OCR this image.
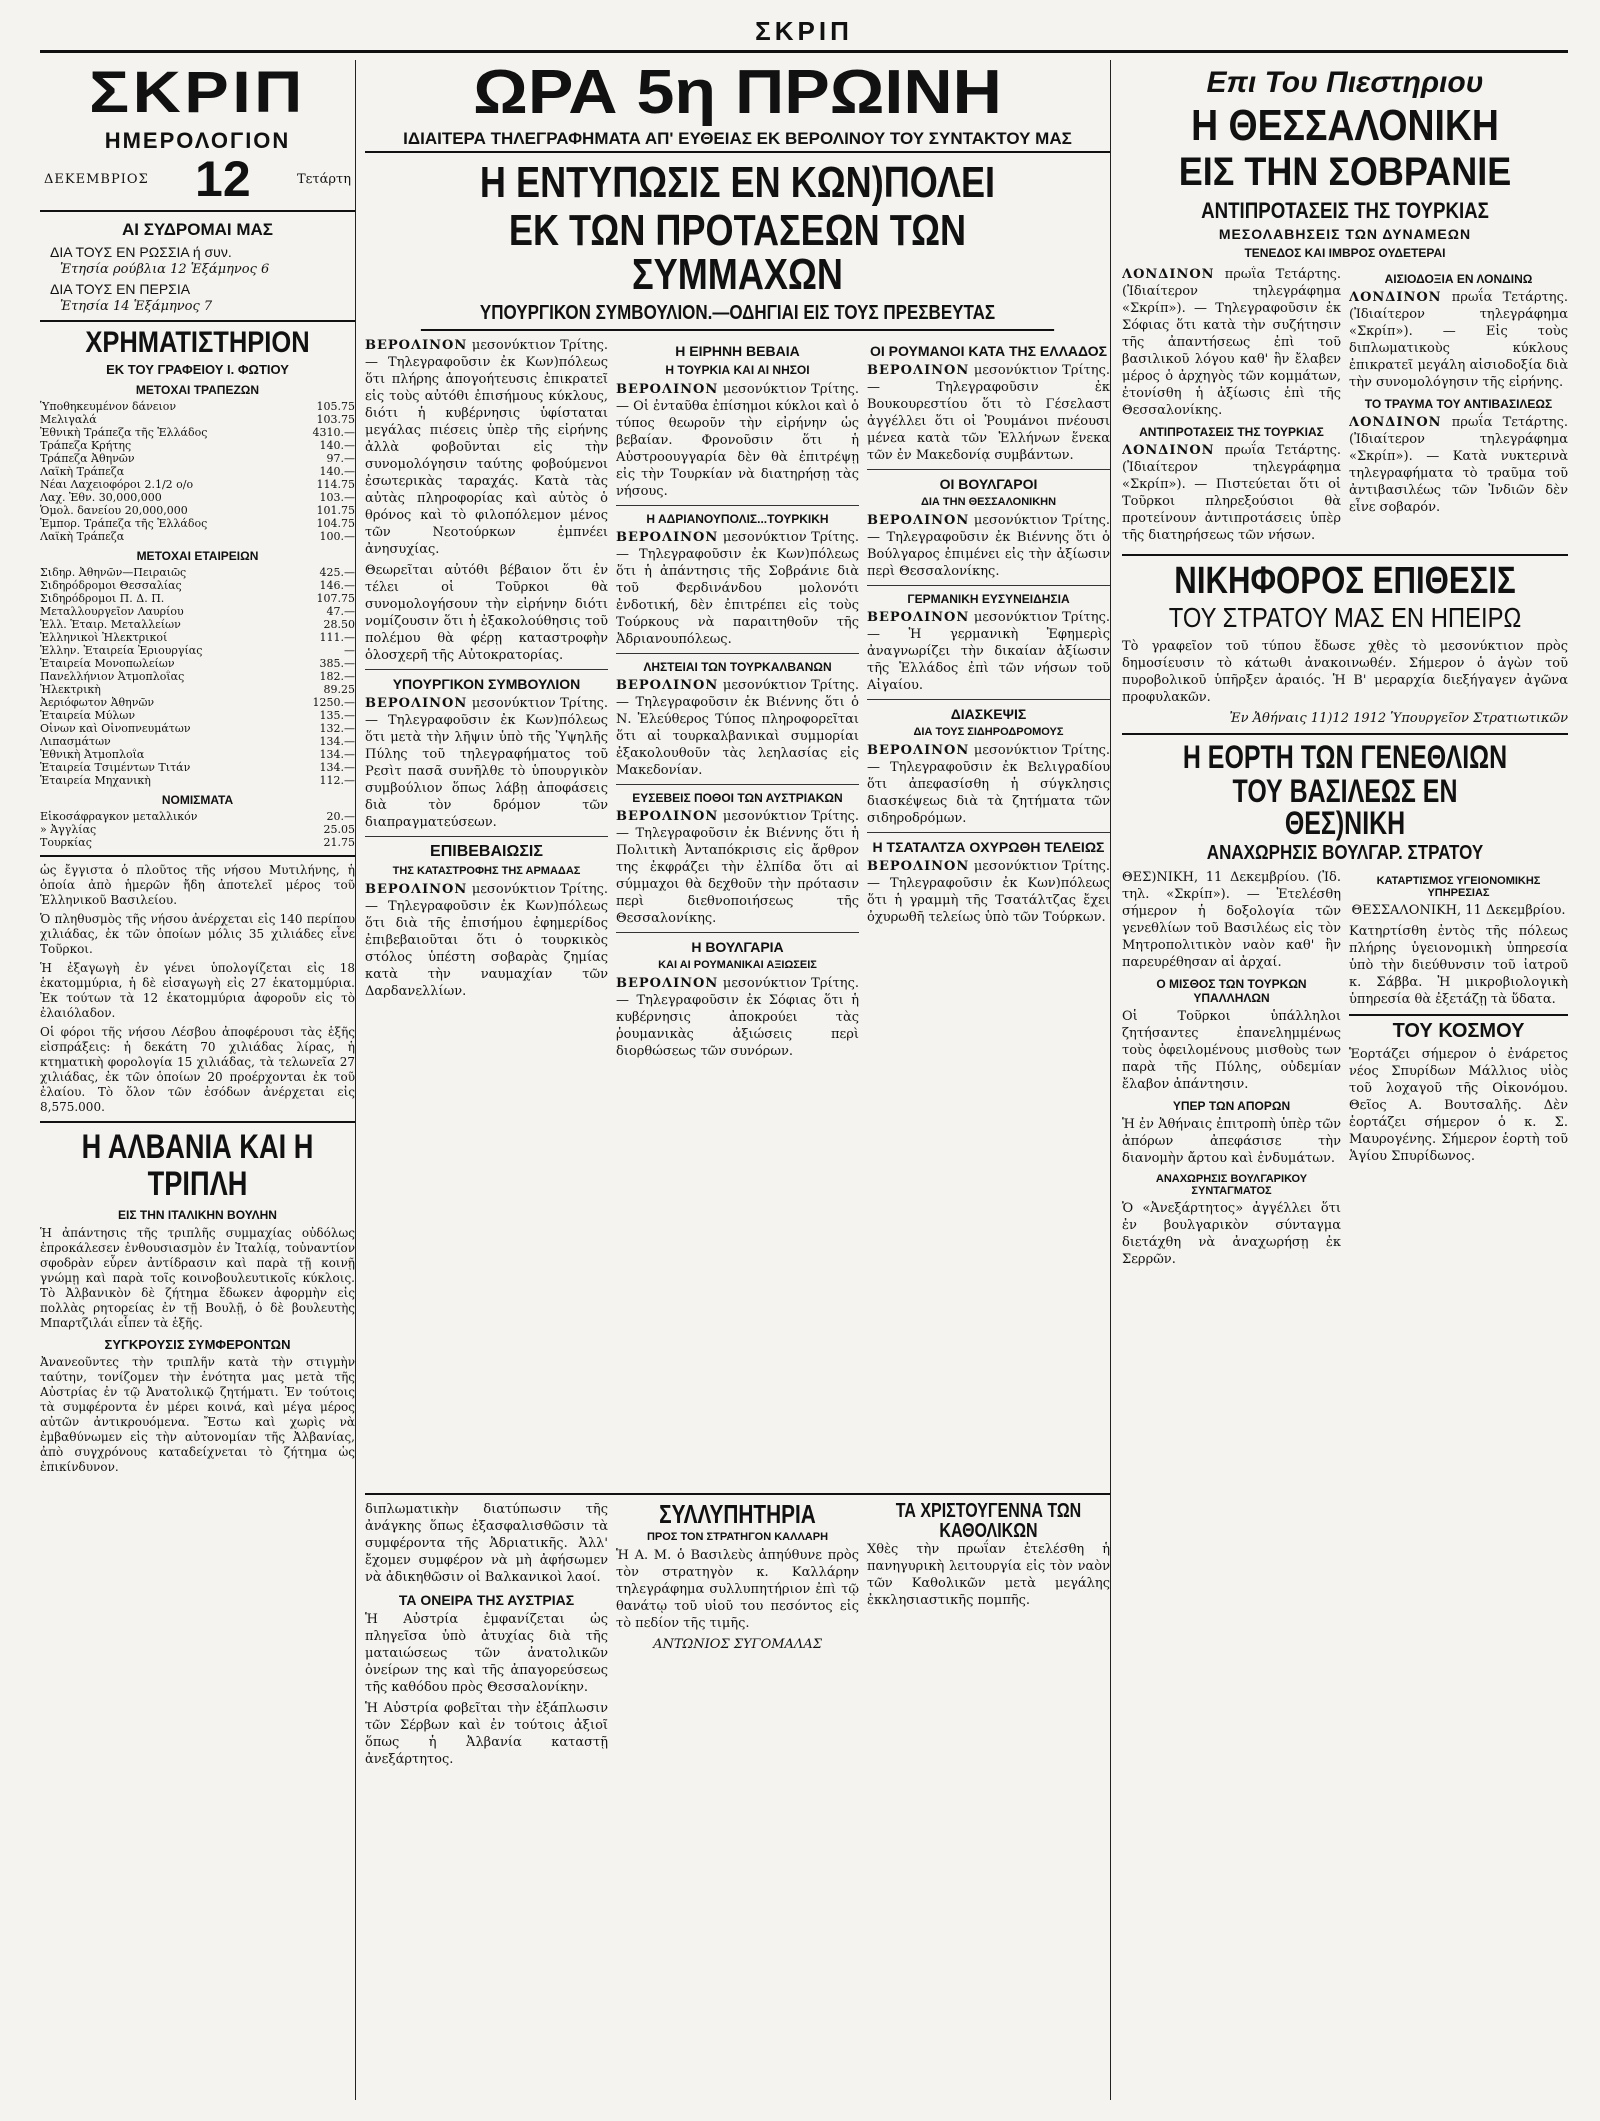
ΣΚΡΙΠ
ΣΚΡΙΠ
ΗΜΕΡΟΛΟΓΙΟΝ
ΔΕΚΕΜΒΡΙΟΣ 12	Τετάρτη
ΑΙ ΣΥΔΡΟΜΑΙ ΜΑΣ
ΔΙΑ ΤΟΥΣ ΕΝ ΡΩΣΣΙΑ ή συν.
Ἐτησία ρούβλια 12 Ἑξάμηνος 6
ΔΙΑ ΤΟΥΣ ΕΝ ΠΕΡΣΙΑ
Ἐτησία 14 Ἑξάμηνος 7
ΧΡΗΜΑΤΙΣΤΗΡΙΟΝ
ΕΚ ΤΟΥ ΓΡΑΦΕΙΟΥ Ι. ΦΩΤΙΟΥ
ΜΕΤΟΧΑΙ ΤΡΑΠΕΖΩΝ
Ὑποθηκευμένον δάνειον	105.75
Μελιγαλά	103.75
Ἐθνικὴ Τράπεζα τῆς Ἑλλάδος	4310.—
Τράπεζα Κρήτης	140.—
Τράπεζα Ἀθηνῶν	97.—
Λαϊκὴ Τράπεζα	140.—
Νέαι Λαχειοφόροι 2.1/2 ο/ο	114.75
Λαχ. Ἐθν. 30,000,000	103.—
Ὁμολ. δανείου 20,000,000	101.75
Ἐμπορ. Τράπεζα τῆς Ἑλλάδος	104.75
Λαϊκὴ Τράπεζα	100.—
ΜΕΤΟΧΑΙ ΕΤΑΙΡΕΙΩΝ
Σιδηρ. Ἀθηνῶν—Πειραιῶς	425.—
Σιδηρόδρομοι Θεσσαλίας	146.—
Σιδηρόδρομοι Π. Δ. Π.	107.75
Μεταλλουργεῖον Λαυρίου	47.—
Ἑλλ. Ἑταιρ. Μεταλλείων	28.50
Ἑλληνικοὶ Ἠλεκτρικοί	111.—
Ἑλλην. Ἑταιρεία Ἐριουργίας	—
Ἑταιρεία Μονοπωλείων	385.—
Πανελλήνιον Ἀτμοπλοΐας	182.—
Ἠλεκτρικὴ	89.25
Ἀεριόφωτον Ἀθηνῶν	1250.—
Ἑταιρεία Μύλων	135.—
Οἶνων καὶ Οἰνοπνευμάτων	132.—
Λιπασμάτων	134.—
Ἐθνικὴ Ἀτμοπλοΐα	134.—
Ἑταιρεία Τσιμέντων Τιτάν	134.—
Ἑταιρεία Μηχανικὴ	112.—
ΝΟΜΙΣΜΑΤΑ
Εἰκοσάφραγκον μεταλλικόν	20.—
» Ἀγγλίας	25.05
Τουρκίας	21.75

ὡς ἔγγιστα ὁ πλοῦτος τῆς νήσου Μυτιλήνης, ἡ ὁποία ἀπὸ ἡμερῶν ἤδη ἀποτελεῖ μέρος τοῦ Ἑλληνικοῦ Βασιλείου.

Ὁ πληθυσμὸς τῆς νήσου ἀνέρχεται εἰς 140 περίπου χιλιάδας, ἐκ τῶν ὁποίων μόλις 35 χιλιάδες εἶνε Τοῦρκοι.

Ἡ ἐξαγωγὴ ἐν γένει ὑπολογίζεται εἰς 18 ἑκατομμύρια, ἡ δὲ εἰσαγωγὴ εἰς 27 ἑκατομμύρια. Ἐκ τούτων τὰ 12 ἑκατομμύρια ἀφοροῦν εἰς τὸ ἐλαιόλαδον.

Οἱ φόροι τῆς νήσου Λέσβου ἀποφέρουσι τὰς ἑξῆς εἰσπράξεις: ἡ δεκάτη 70 χιλιάδας λίρας, ἡ κτηματικὴ φορολογία 15 χιλιάδας, τὰ τελωνεῖα 27 χιλιάδας, ἐκ τῶν ὁποίων 20 προέρχονται ἐκ τοῦ ἐλαίου. Τὸ ὅλον τῶν ἐσόδων ἀνέρχεται εἰς 8,575.000.

Η ΑΛΒΑΝΙΑ ΚΑΙ Η ΤΡΙΠΛΗ
ΕΙΣ ΤΗΝ ΙΤΑΛΙΚΗΝ ΒΟΥΛΗΝ

Ἡ ἀπάντησις τῆς τριπλῆς συμμαχίας οὐδόλως ἐπροκάλεσεν ἐνθουσιασμὸν ἐν Ἰταλίᾳ, τοὐναντίον σφοδρὰν εὗρεν ἀντίδρασιν καὶ παρὰ τῇ κοινῇ γνώμῃ καὶ παρὰ τοῖς κοινοβουλευτικοῖς κύκλοις. Τὸ Ἀλβανικὸν δὲ ζήτημα ἔδωκεν ἀφορμὴν εἰς πολλὰς ρητορείας ἐν τῇ Βουλῇ, ὁ δὲ βουλευτὴς Μπαρτζιλάι εἶπεν τὰ ἑξῆς.

ΣΥΓΚΡΟΥΣΙΣ ΣΥΜΦΕΡΟΝΤΩΝ

Ἀνανεοῦντες τὴν τριπλῆν κατὰ τὴν στιγμὴν ταύτην, τονίζομεν τὴν ἑνότητα μας μετὰ τῆς Αὐστρίας ἐν τῷ Ἀνατολικῷ ζητήματι. Ἐν τούτοις τὰ συμφέροντα ἐν μέρει κοινά, καὶ μέγα μέρος αὐτῶν ἀντικρουόμενα. Ἔστω καὶ χωρὶς νὰ ἐμβαθύνωμεν εἰς τὴν αὐτονομίαν τῆς Ἀλβανίας, ἀπὸ συγχρόνους καταδείχνεται τὸ ζήτημα ὡς ἐπικίνδυνον.

ΩΡΑ 5η ΠΡΩΙΝΗ
ΙΔΙΑΙΤΕΡΑ ΤΗΛΕΓΡΑΦΗΜΑΤΑ ΑΠ' ΕΥΘΕΙΑΣ ΕΚ ΒΕΡΟΛΙΝΟΥ ΤΟΥ ΣΥΝΤΑΚΤΟΥ ΜΑΣ
Η ΕΝΤΥΠΩΣΙΣ ΕΝ ΚΩΝ)ΠΟΛΕΙ
ΕΚ ΤΩΝ ΠΡΟΤΑΣΕΩΝ ΤΩΝ ΣΥΜΜΑΧΩΝ
ΥΠΟΥΡΓΙΚΟΝ ΣΥΜΒΟΥΛΙΟΝ.—ΟΔΗΓΙΑΙ ΕΙΣ ΤΟΥΣ ΠΡΕΣΒΕΥΤΑΣ

ΒΕΡΟΛΙΝΟΝ μεσονύκτιον Τρίτης. — Τηλεγραφοῦσιν ἐκ Κων)πόλεως ὅτι πλήρης ἀπογοήτευσις ἐπικρατεῖ εἰς τοὺς αὐτόθι ἐπισήμους κύκλους, διότι ἡ κυβέρνησις ὑφίσταται μεγάλας πιέσεις ὑπὲρ τῆς εἰρήνης ἀλλὰ φοβοῦνται εἰς τὴν συνομολόγησιν ταύτης φοβούμενοι ἐσωτερικὰς ταραχάς. Κατὰ τὰς αὐτὰς πληροφορίας καὶ αὐτὸς ὁ θρόνος καὶ τὸ φιλοπόλεμον μένος τῶν Νεοτούρκων ἐμπνέει ἀνησυχίας.

Θεωρεῖται αὐτόθι βέβαιον ὅτι ἐν τέλει οἱ Τοῦρκοι θὰ συνομολογήσουν τὴν εἰρήνην διότι νομίζουσιν ὅτι ἡ ἐξακολούθησις τοῦ πολέμου θὰ φέρῃ καταστροφὴν ὁλοσχερῆ τῆς Αὐτοκρατορίας.

ΥΠΟΥΡΓΙΚΟΝ ΣΥΜΒΟΥΛΙΟΝ

ΒΕΡΟΛΙΝΟΝ μεσονύκτιον Τρίτης. — Τηλεγραφοῦσιν ἐκ Κων)πόλεως ὅτι μετὰ τὴν λῆψιν ὑπὸ τῆς Ὑψηλῆς Πύλης τοῦ τηλεγραφήματος τοῦ Ρεσὶτ πασᾶ συνῆλθε τὸ ὑπουργικὸν συμβούλιον ὅπως λάβῃ ἀποφάσεις διὰ τὸν δρόμον τῶν διαπραγματεύσεων.

ΕΠΙΒΕΒΑΙΩΣΙΣ
ΤΗΣ ΚΑΤΑΣΤΡΟΦΗΣ ΤΗΣ ΑΡΜΑΔΑΣ

ΒΕΡΟΛΙΝΟΝ μεσονύκτιον Τρίτης. — Τηλεγραφοῦσιν ἐκ Κων)πόλεως ὅτι διὰ τῆς ἐπισήμου ἐφημερίδος ἐπιβεβαιοῦται ὅτι ὁ τουρκικὸς στόλος ὑπέστη σοβαρὰς ζημίας κατὰ τὴν ναυμαχίαν τῶν Δαρδανελλίων.

Η ΕΙΡΗΝΗ ΒΕΒΑΙΑ
Η ΤΟΥΡΚΙΑ ΚΑΙ ΑΙ ΝΗΣΟΙ

ΒΕΡΟΛΙΝΟΝ μεσονύκτιον Τρίτης. — Οἱ ἐνταῦθα ἐπίσημοι κύκλοι καὶ ὁ τύπος θεωροῦν τὴν εἰρήνην ὡς βεβαίαν. Φρονοῦσιν ὅτι ἡ Αὐστροουγγαρία δὲν θὰ ἐπιτρέψῃ εἰς τὴν Τουρκίαν νὰ διατηρήσῃ τὰς νήσους.

Η ΑΔΡΙΑΝΟΥΠΟΛΙΣ...ΤΟΥΡΚΙΚΗ

ΒΕΡΟΛΙΝΟΝ μεσονύκτιον Τρίτης. — Τηλεγραφοῦσιν ἐκ Κων)πόλεως ὅτι ἡ ἀπάντησις τῆς Σοβράνιε διὰ τοῦ Φερδινάνδου μολονότι ἐνδοτική, δὲν ἐπιτρέπει εἰς τοὺς Τούρκους νὰ παραιτηθοῦν τῆς Ἀδριανουπόλεως.

ΛΗΣΤΕΙΑΙ ΤΩΝ ΤΟΥΡΚΑΛΒΑΝΩΝ

ΒΕΡΟΛΙΝΟΝ μεσονύκτιον Τρίτης. — Τηλεγραφοῦσιν ἐκ Βιέννης ὅτι ὁ Ν. Ἐλεύθερος Τύπος πληροφορεῖται ὅτι αἱ τουρκαλβανικαὶ συμμορίαι ἐξακολουθοῦν τὰς λεηλασίας εἰς Μακεδονίαν.

ΕΥΣΕΒΕΙΣ ΠΟΘΟΙ ΤΩΝ ΑΥΣΤΡΙΑΚΩΝ

ΒΕΡΟΛΙΝΟΝ μεσονύκτιον Τρίτης. — Τηλεγραφοῦσιν ἐκ Βιέννης ὅτι ἡ Πολιτικὴ Ἀνταπόκρισις εἰς ἄρθρον της ἐκφράζει τὴν ἐλπίδα ὅτι αἱ σύμμαχοι θὰ δεχθοῦν τὴν πρότασιν περὶ διεθνοποιήσεως τῆς Θεσσαλονίκης.

Η ΒΟΥΛΓΑΡΙΑ
ΚΑΙ ΑΙ ΡΟΥΜΑΝΙΚΑΙ ΑΞΙΩΣΕΙΣ

ΒΕΡΟΛΙΝΟΝ μεσονύκτιον Τρίτης. — Τηλεγραφοῦσιν ἐκ Σόφιας ὅτι ἡ κυβέρνησις ἀποκρούει τὰς ῥουμανικὰς ἀξιώσεις περὶ διορθώσεως τῶν συνόρων.

ΟΙ ΡΟΥΜΑΝΟΙ ΚΑΤΑ ΤΗΣ ΕΛΛΑΔΟΣ

ΒΕΡΟΛΙΝΟΝ μεσονύκτιον Τρίτης. — Τηλεγραφοῦσιν ἐκ Βουκουρεστίου ὅτι τὸ Γέσελαστ ἀγγέλλει ὅτι οἱ Ῥουμάνοι πνέουσι μένεα κατὰ τῶν Ἑλλήνων ἕνεκα τῶν ἐν Μακεδονίᾳ συμβάντων.

ΟΙ ΒΟΥΛΓΑΡΟΙ
ΔΙΑ ΤΗΝ ΘΕΣΣΑΛΟΝΙΚΗΝ

ΒΕΡΟΛΙΝΟΝ μεσονύκτιον Τρίτης. — Τηλεγραφοῦσιν ἐκ Βιέννης ὅτι ὁ Βούλγαρος ἐπιμένει εἰς τὴν ἀξίωσιν περὶ Θεσσαλονίκης.

ΓΕΡΜΑΝΙΚΗ ΕΥΣΥΝΕΙΔΗΣΙΑ

ΒΕΡΟΛΙΝΟΝ μεσονύκτιον Τρίτης. — Ἡ γερμανικὴ Ἐφημερὶς ἀναγνωρίζει τὴν δικαίαν ἀξίωσιν τῆς Ἑλλάδος ἐπὶ τῶν νήσων τοῦ Αἰγαίου.

ΔΙΑΣΚΕΨΙΣ
ΔΙΑ ΤΟΥΣ ΣΙΔΗΡΟΔΡΟΜΟΥΣ

ΒΕΡΟΛΙΝΟΝ μεσονύκτιον Τρίτης. — Τηλεγραφοῦσιν ἐκ Βελιγραδίου ὅτι ἀπεφασίσθη ἡ σύγκλησις διασκέψεως διὰ τὰ ζητήματα τῶν σιδηροδρόμων.

Η ΤΣΑΤΑΛΤΖΑ ΟΧΥΡΩΘΗ ΤΕΛΕΙΩΣ

ΒΕΡΟΛΙΝΟΝ μεσονύκτιον Τρίτης. — Τηλεγραφοῦσιν ἐκ Κων)πόλεως ὅτι ἡ γραμμὴ τῆς Τσατάλτζας ἔχει ὀχυρωθῆ τελείως ὑπὸ τῶν Τούρκων.

διπλωματικὴν διατύπωσιν τῆς ἀνάγκης ὅπως ἐξασφαλισθῶσιν τὰ συμφέροντα τῆς Ἀδριατικῆς. Ἀλλ' ἔχομεν συμφέρον νὰ μὴ ἀφήσωμεν νὰ ἀδικηθῶσιν οἱ Βαλκανικοὶ λαοί.

ΤΑ ΟΝΕΙΡΑ ΤΗΣ ΑΥΣΤΡΙΑΣ

Ἡ Αὐστρία ἐμφανίζεται ὡς πληγεῖσα ὑπὸ ἀτυχίας διὰ τῆς ματαιώσεως τῶν ἀνατολικῶν ὀνείρων της καὶ τῆς ἀπαγορεύσεως τῆς καθόδου πρὸς Θεσσαλονίκην.

Ἡ Αὐστρία φοβεῖται τὴν ἐξάπλωσιν τῶν Σέρβων καὶ ἐν τούτοις ἀξιοῖ ὅπως ἡ Ἀλβανία καταστῇ ἀνεξάρτητος.

ΣΥΛΛΥΠΗΤΗΡΙΑ
ΠΡΟΣ ΤΟΝ ΣΤΡΑΤΗΓΟΝ ΚΑΛΛΑΡΗ

Ἡ Α. Μ. ὁ Βασιλεὺς ἀπηύθυνε πρὸς τὸν στρατηγὸν κ. Καλλάρην τηλεγράφημα συλλυπητήριον ἐπὶ τῷ θανάτῳ τοῦ υἱοῦ του πεσόντος εἰς τὸ πεδίον τῆς τιμῆς.

ΑΝΤΩΝΙΟΣ ΣΥΓΟΜΑΛΑΣ

ΤΑ ΧΡΙΣΤΟΥΓΕΝΝΑ ΤΩΝ ΚΑΘΟΛΙΚΩΝ

Χθὲς τὴν πρωΐαν ἐτελέσθη ἡ πανηγυρικὴ λειτουργία εἰς τὸν ναὸν τῶν Καθολικῶν μετὰ μεγάλης ἐκκλησιαστικῆς πομπῆς.

Επι Του Πιεστηριου
Η ΘΕΣΣΑΛΟΝΙΚΗ
ΕΙΣ ΤΗΝ ΣΟΒΡΑΝΙΕ
ΑΝΤΙΠΡΟΤΑΣΕΙΣ ΤΗΣ ΤΟΥΡΚΙΑΣ
ΜΕΣΟΛΑΒΗΣΕΙΣ ΤΩΝ ΔΥΝΑΜΕΩΝ
ΤΕΝΕΔΟΣ ΚΑΙ ΙΜΒΡΟΣ ΟΥΔΕΤΕΡΑΙ

ΛΟΝΔΙΝΟΝ πρωΐα Τετάρτης. (Ἰδιαίτερον τηλεγράφημα «Σκρίπ»). — Τηλεγραφοῦσιν ἐκ Σόφιας ὅτι κατὰ τὴν συζήτησιν τῆς ἀπαντήσεως ἐπὶ τοῦ βασιλικοῦ λόγου καθ' ἣν ἔλαβεν μέρος ὁ ἀρχηγὸς τῶν κομμάτων, ἐτονίσθη ἡ ἀξίωσις ἐπὶ τῆς Θεσσαλονίκης.

ΑΝΤΙΠΡΟΤΑΣΕΙΣ ΤΗΣ ΤΟΥΡΚΙΑΣ

ΛΟΝΔΙΝΟΝ πρωΐα Τετάρτης. (Ἰδιαίτερον τηλεγράφημα «Σκρίπ»). — Πιστεύεται ὅτι οἱ Τοῦρκοι πληρεξούσιοι θὰ προτείνουν ἀντιπροτάσεις ὑπὲρ τῆς διατηρήσεως τῶν νήσων.

ΑΙΣΙΟΔΟΞΙΑ ΕΝ ΛΟΝΔΙΝΩ

ΛΟΝΔΙΝΟΝ πρωΐα Τετάρτης. (Ἰδιαίτερον τηλεγράφημα «Σκρίπ»). — Εἰς τοὺς διπλωματικοὺς κύκλους ἐπικρατεῖ μεγάλη αἰσιοδοξία διὰ τὴν συνομολόγησιν τῆς εἰρήνης.

ΤΟ ΤΡΑΥΜΑ ΤΟΥ ΑΝΤΙΒΑΣΙΛΕΩΣ

ΛΟΝΔΙΝΟΝ πρωΐα Τετάρτης. (Ἰδιαίτερον τηλεγράφημα «Σκρίπ»). — Κατὰ νυκτερινὰ τηλεγραφήματα τὸ τραῦμα τοῦ ἀντιβασιλέως τῶν Ἰνδιῶν δὲν εἶνε σοβαρόν.

ΝΙΚΗΦΟΡΟΣ ΕΠΙΘΕΣΙΣ
ΤΟΥ ΣΤΡΑΤΟΥ ΜΑΣ ΕΝ ΗΠΕΙΡΩ

Τὸ γραφεῖον τοῦ τύπου ἔδωσε χθὲς τὸ μεσονύκτιον πρὸς δημοσίευσιν τὸ κάτωθι ἀνακοινωθέν. Σήμερον ὁ ἀγὼν τοῦ πυροβολικοῦ ὑπῆρξεν ἀραιός. Ἡ Β' μεραρχία διεξήγαγεν ἀγῶνα προφυλακῶν.

Ἐν Ἀθήναις 11)12 1912 Ὑπουργεῖον Στρατιωτικῶν

Η ΕΟΡΤΗ ΤΩΝ ΓΕΝΕΘΛΙΩΝ
ΤΟΥ ΒΑΣΙΛΕΩΣ ΕΝ ΘΕΣ)ΝΙΚΗ
ΑΝΑΧΩΡΗΣΙΣ ΒΟΥΛΓΑΡ. ΣΤΡΑΤΟΥ

ΘΕΣ)ΝΙΚΗ, 11 Δεκεμβρίου. (Ἰδ. τηλ. «Σκρίπ»). — Ἐτελέσθη σήμερον ἡ δοξολογία τῶν γενεθλίων τοῦ Βασιλέως εἰς τὸν Μητροπολιτικὸν ναὸν καθ' ἣν παρευρέθησαν αἱ ἀρχαί.

Ο ΜΙΣΘΟΣ ΤΩΝ ΤΟΥΡΚΩΝ ΥΠΑΛΛΗΛΩΝ

Οἱ Τοῦρκοι ὑπάλληλοι ζητήσαντες ἐπανελημμένως τοὺς ὀφειλομένους μισθοὺς των παρὰ τῆς Πύλης, οὐδεμίαν ἔλαβον ἀπάντησιν.

ΥΠΕΡ ΤΩΝ ΑΠΟΡΩΝ

Ἡ ἐν Ἀθήναις ἐπιτροπὴ ὑπὲρ τῶν ἀπόρων ἀπεφάσισε τὴν διανομὴν ἄρτου καὶ ἐνδυμάτων.

ΑΝΑΧΩΡΗΣΙΣ ΒΟΥΛΓΑΡΙΚΟΥ ΣΥΝΤΑΓΜΑΤΟΣ

Ὁ «Ἀνεξάρτητος» ἀγγέλλει ὅτι ἐν βουλγαρικὸν σύνταγμα διετάχθη νὰ ἀναχωρήσῃ ἐκ Σερρῶν.

ΚΑΤΑΡΤΙΣΜΟΣ ΥΓΕΙΟΝΟΜΙΚΗΣ ΥΠΗΡΕΣΙΑΣ

ΘΕΣΣΑΛΟΝΙΚΗ, 11 Δεκεμβρίου.

Κατηρτίσθη ἐντὸς τῆς πόλεως πλήρης ὑγειονομικὴ ὑπηρεσία ὑπὸ τὴν διεύθυνσιν τοῦ ἰατροῦ κ. Σάββα. Ἡ μικροβιολογικὴ ὑπηρεσία θὰ ἐξετάζῃ τὰ ὕδατα.

ΤΟΥ ΚΟΣΜΟΥ

Ἑορτάζει σήμερον ὁ ἐνάρετος νέος Σπυρίδων Μάλλιος υἱὸς τοῦ λοχαγοῦ τῆς Οἰκονόμου. Θεῖος Α. Βουτσαλῆς. Δὲν ἑορτάζει σήμερον ὁ κ. Σ. Μαυρογένης. Σήμερον ἑορτὴ τοῦ Ἁγίου Σπυρίδωνος.
